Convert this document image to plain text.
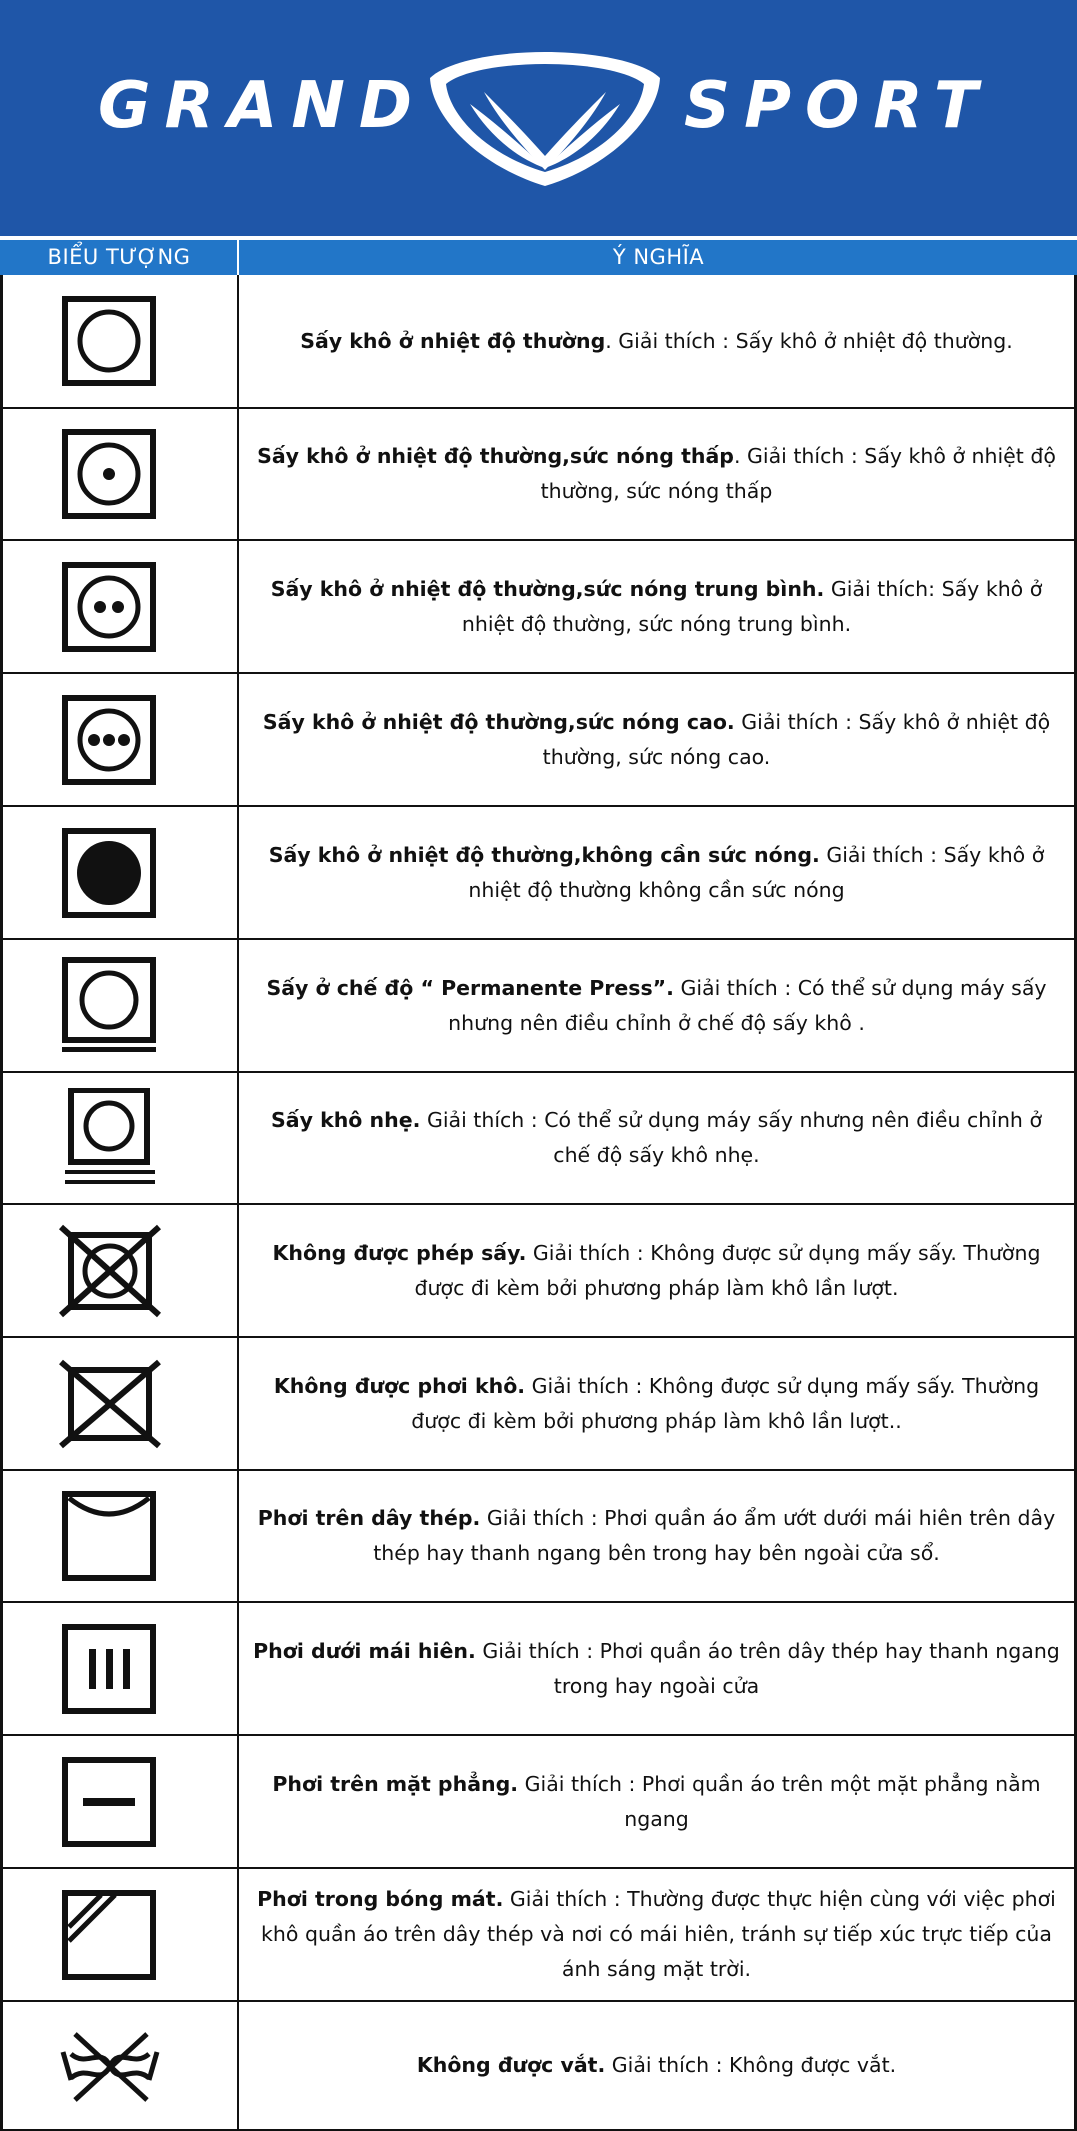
GRAND	SPORT
BIỂU TƯỢNG	Ý NGHĨA

Sấy khô ở nhiệt độ thường. Giải thích : Sấy khô ở nhiệt độ thường.

Sấy khô ở nhiệt độ thường,sức nóng thấp. Giải thích : Sấy khô ở nhiệt độ thường, sức nóng thấp

Sấy khô ở nhiệt độ thường,sức nóng trung bình. Giải thích: Sấy khô ở nhiệt độ thường, sức nóng trung bình.

Sấy khô ở nhiệt độ thường,sức nóng cao. Giải thích : Sấy khô ở nhiệt độ thường, sức nóng cao.

Sấy khô ở nhiệt độ thường,không cần sức nóng. Giải thích : Sấy khô ở nhiệt độ thường không cần sức nóng

Sấy ở chế độ “ Permanente Press”. Giải thích : Có thể sử dụng máy sấy nhưng nên điều chỉnh ở chế độ sấy khô .

Sấy khô nhẹ. Giải thích : Có thể sử dụng máy sấy nhưng nên điều chỉnh ở chế độ sấy khô nhẹ.

Không được phép sấy. Giải thích : Không được sử dụng mấy sấy. Thường được đi kèm bởi phương pháp làm khô lần lượt.

Không được phơi khô. Giải thích : Không được sử dụng mấy sấy. Thường được đi kèm bởi phương pháp làm khô lần lượt..

Phơi trên dây thép. Giải thích : Phơi quần áo ẩm ướt dưới mái hiên trên dây thép hay thanh ngang bên trong hay bên ngoài cửa sổ.

Phơi dưới mái hiên. Giải thích : Phơi quần áo trên dây thép hay thanh ngang trong hay ngoài cửa

Phơi trên mặt phẳng. Giải thích : Phơi quần áo trên một mặt phẳng nằm ngang

Phơi trong bóng mát. Giải thích : Thường được thực hiện cùng với việc phơi khô quần áo trên dây thép và nơi có mái hiên, tránh sự tiếp xúc trực tiếp của ánh sáng mặt trời.

Không được vắt. Giải thích : Không được vắt.
